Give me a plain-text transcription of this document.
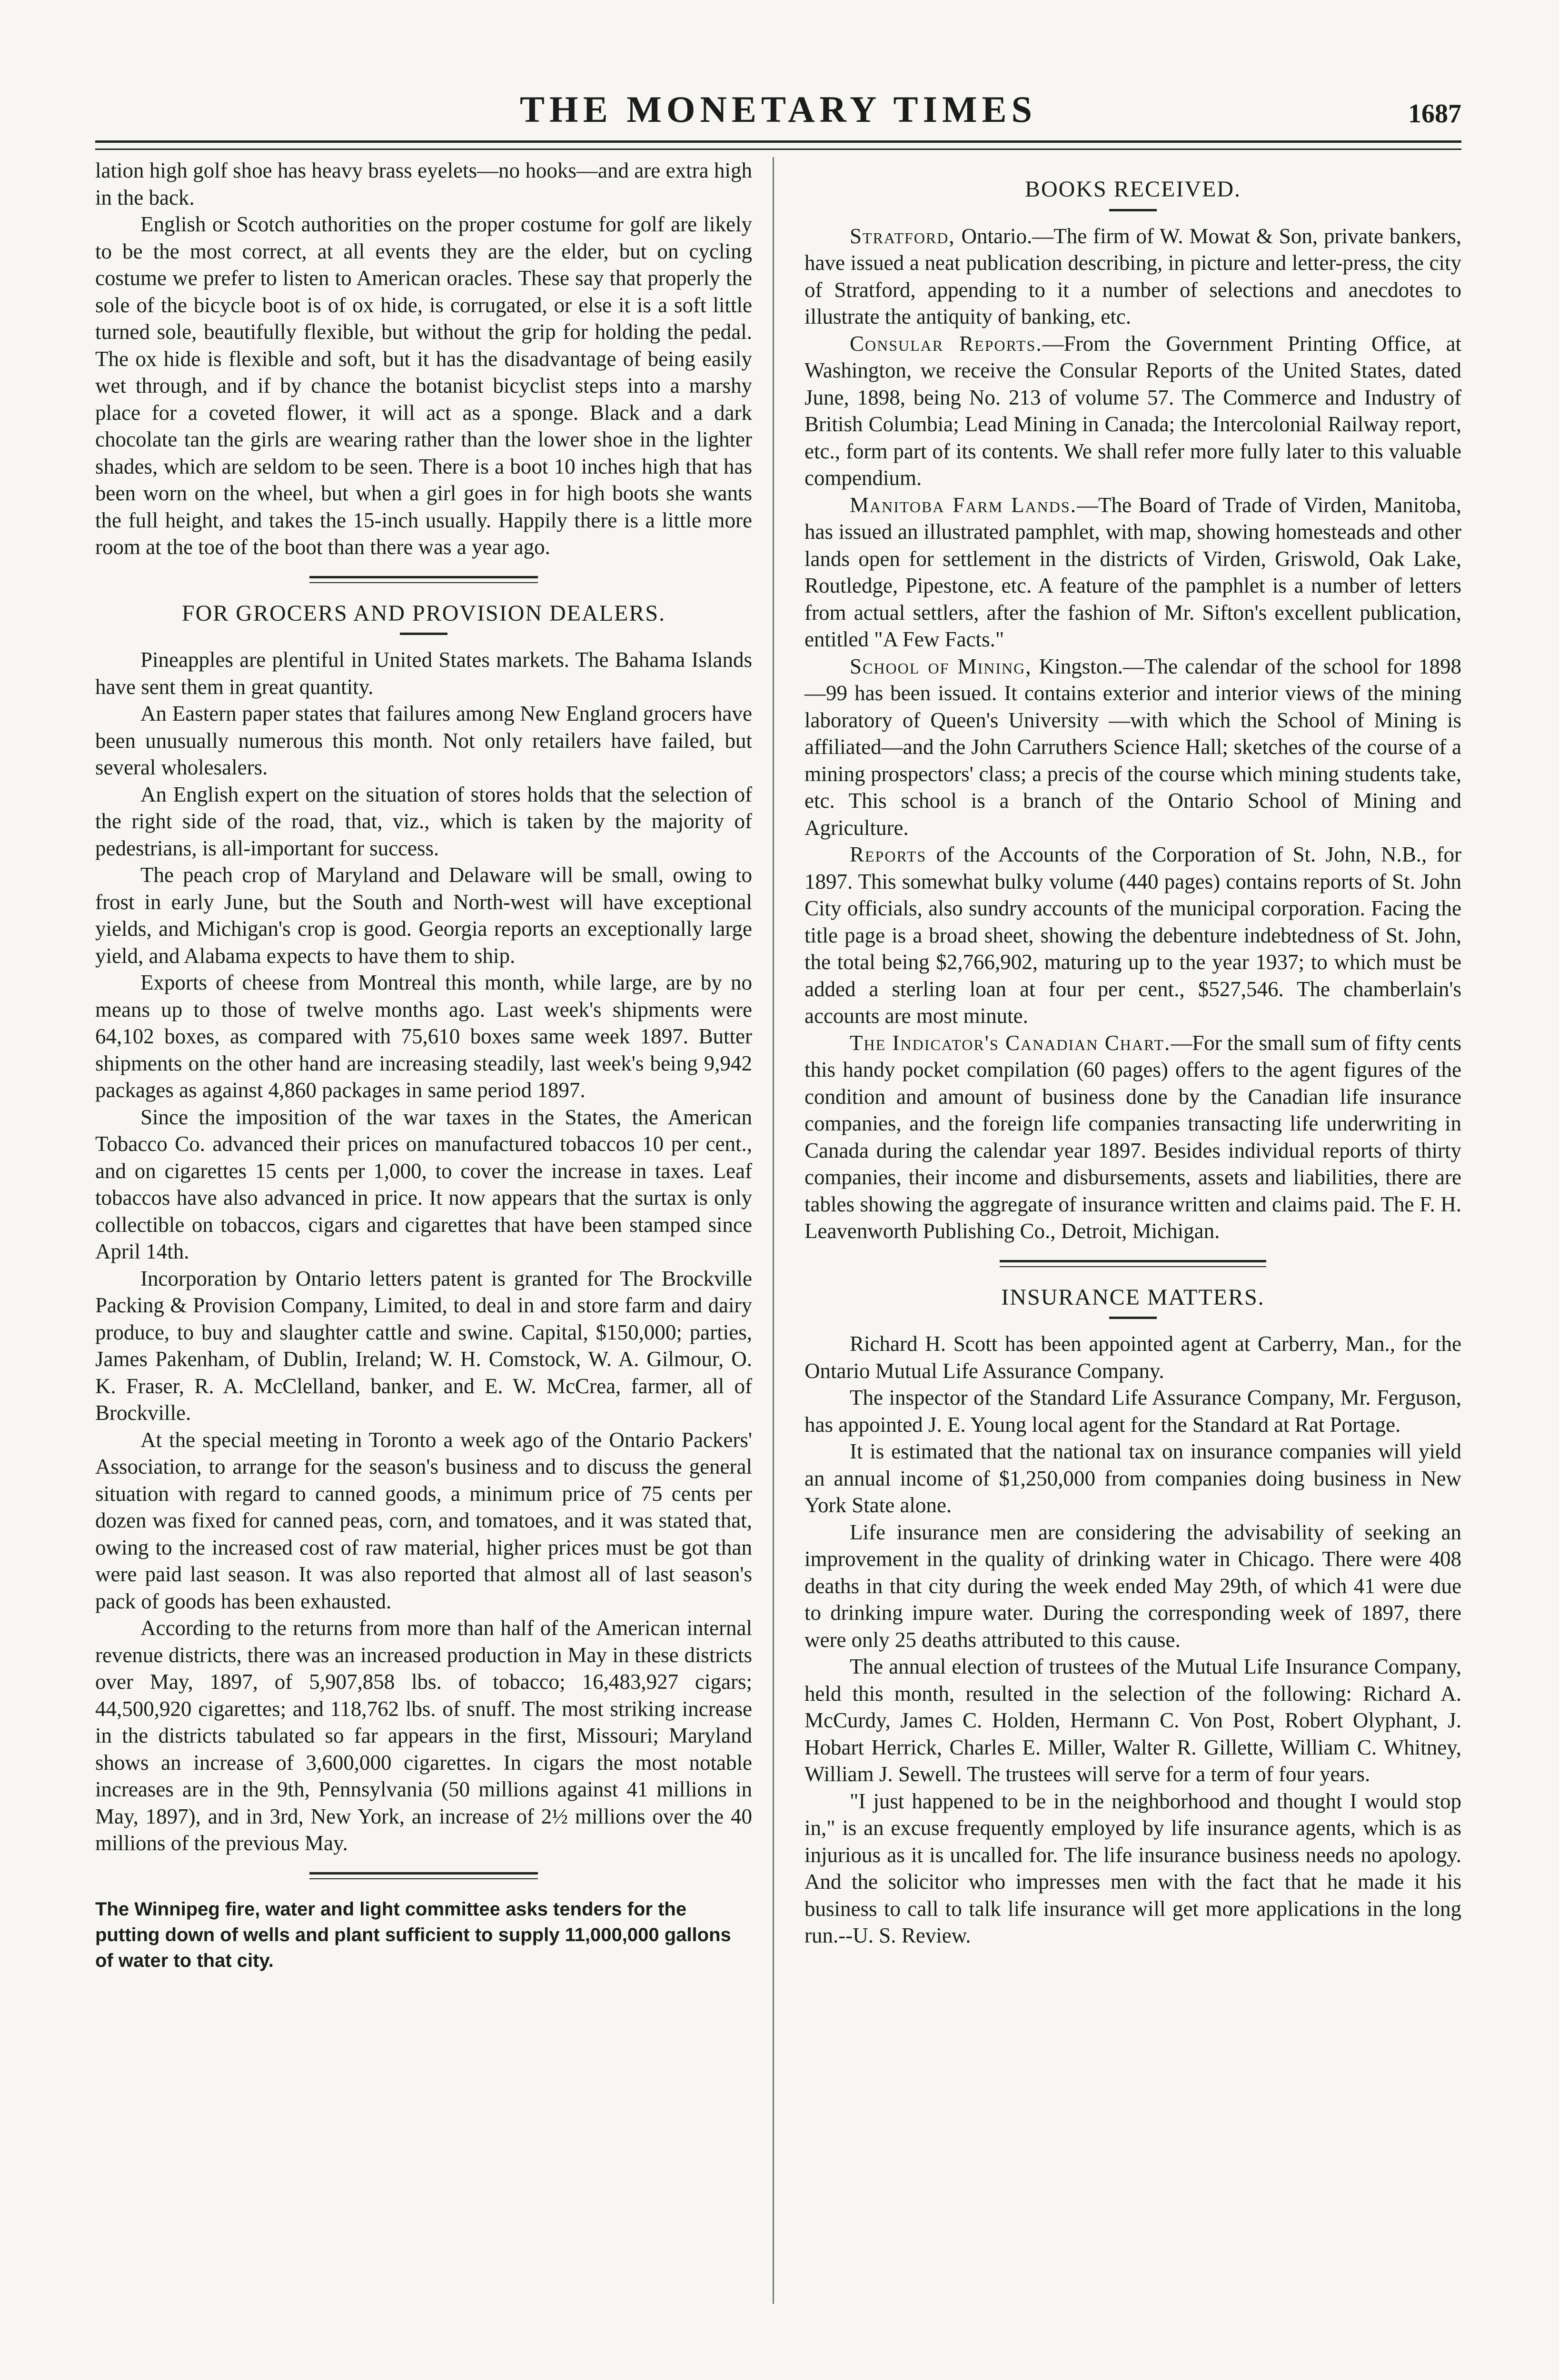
THE MONETARY TIMES	1687

lation high golf shoe has heavy brass eyelets—no hooks—and are extra high in the back.

English or Scotch authorities on the proper costume for golf are likely to be the most correct, at all events they are the elder, but on cycling costume we prefer to listen to American oracles. These say that properly the sole of the bicycle boot is of ox hide, is corrugated, or else it is a soft little turned sole, beautifully flexible, but without the grip for holding the pedal. The ox hide is flexible and soft, but it has the disadvantage of being easily wet through, and if by chance the botanist bicyclist steps into a marshy place for a coveted flower, it will act as a sponge. Black and a dark chocolate tan the girls are wearing rather than the lower shoe in the lighter shades, which are seldom to be seen. There is a boot 10 inches high that has been worn on the wheel, but when a girl goes in for high boots she wants the full height, and takes the 15-inch usually. Happily there is a little more room at the toe of the boot than there was a year ago.

FOR GROCERS AND PROVISION DEALERS.

Pineapples are plentiful in United States markets. The Bahama Islands have sent them in great quantity.

An Eastern paper states that failures among New England grocers have been unusually numerous this month. Not only retailers have failed, but several wholesalers.

An English expert on the situation of stores holds that the selection of the right side of the road, that, viz., which is taken by the majority of pedestrians, is all-important for success.

The peach crop of Maryland and Delaware will be small, owing to frost in early June, but the South and North-west will have exceptional yields, and Michigan's crop is good. Georgia reports an exceptionally large yield, and Alabama expects to have them to ship.

Exports of cheese from Montreal this month, while large, are by no means up to those of twelve months ago. Last week's shipments were 64,102 boxes, as compared with 75,610 boxes same week 1897. Butter shipments on the other hand are increasing steadily, last week's being 9,942 packages as against 4,860 packages in same period 1897.

Since the imposition of the war taxes in the States, the American Tobacco Co. advanced their prices on manufactured tobaccos 10 per cent., and on cigarettes 15 cents per 1,000, to cover the increase in taxes. Leaf tobaccos have also advanced in price. It now appears that the surtax is only collectible on tobaccos, cigars and cigarettes that have been stamped since April 14th.

Incorporation by Ontario letters patent is granted for The Brockville Packing & Provision Company, Limited, to deal in and store farm and dairy produce, to buy and slaughter cattle and swine. Capital, $150,000; parties, James Pakenham, of Dublin, Ireland; W. H. Comstock, W. A. Gilmour, O. K. Fraser, R. A. McClelland, banker, and E. W. McCrea, farmer, all of Brockville.

At the special meeting in Toronto a week ago of the Ontario Packers' Association, to arrange for the season's business and to discuss the general situation with regard to canned goods, a minimum price of 75 cents per dozen was fixed for canned peas, corn, and tomatoes, and it was stated that, owing to the increased cost of raw material, higher prices must be got than were paid last season. It was also reported that almost all of last season's pack of goods has been exhausted.

According to the returns from more than half of the American internal revenue districts, there was an increased production in May in these districts over May, 1897, of 5,907,858 lbs. of tobacco; 16,483,927 cigars; 44,500,920 cigarettes; and 118,762 lbs. of snuff. The most striking increase in the districts tabulated so far appears in the first, Missouri; Maryland shows an increase of 3,600,000 cigarettes. In cigars the most notable increases are in the 9th, Pennsylvania (50 millions against 41 millions in May, 1897), and in 3rd, New York, an increase of 2½ millions over the 40 millions of the previous May.

The Winnipeg fire, water and light committee asks tenders for the putting down of wells and plant sufficient to supply 11,000,000 gallons of water to that city.

BOOKS RECEIVED.

Stratford, Ontario.—The firm of W. Mowat & Son, private bankers, have issued a neat publication describing, in picture and letter-press, the city of Stratford, appending to it a number of selections and anecdotes to illustrate the antiquity of banking, etc.

Consular Reports.—From the Government Printing Office, at Washington, we receive the Consular Reports of the United States, dated June, 1898, being No. 213 of volume 57. The Commerce and Industry of British Columbia; Lead Mining in Canada; the Intercolonial Railway report, etc., form part of its contents. We shall refer more fully later to this valuable compendium.

Manitoba Farm Lands.—The Board of Trade of Virden, Manitoba, has issued an illustrated pamphlet, with map, showing homesteads and other lands open for settlement in the districts of Virden, Griswold, Oak Lake, Routledge, Pipestone, etc. A feature of the pamphlet is a number of letters from actual settlers, after the fashion of Mr. Sifton's excellent publication, entitled "A Few Facts."

School of Mining, Kingston.—The calendar of the school for 1898—99 has been issued. It contains exterior and interior views of the mining laboratory of Queen's University —with which the School of Mining is affiliated—and the John Carruthers Science Hall; sketches of the course of a mining prospectors' class; a precis of the course which mining students take, etc. This school is a branch of the Ontario School of Mining and Agriculture.

Reports of the Accounts of the Corporation of St. John, N.B., for 1897. This somewhat bulky volume (440 pages) contains reports of St. John City officials, also sundry accounts of the municipal corporation. Facing the title page is a broad sheet, showing the debenture indebtedness of St. John, the total being $2,766,902, maturing up to the year 1937; to which must be added a sterling loan at four per cent., $527,546. The chamberlain's accounts are most minute.

The Indicator's Canadian Chart.—For the small sum of fifty cents this handy pocket compilation (60 pages) offers to the agent figures of the condition and amount of business done by the Canadian life insurance companies, and the foreign life companies transacting life underwriting in Canada during the calendar year 1897. Besides individual reports of thirty companies, their income and disbursements, assets and liabilities, there are tables showing the aggregate of insurance written and claims paid. The F. H. Leavenworth Publishing Co., Detroit, Michigan.

INSURANCE MATTERS.

Richard H. Scott has been appointed agent at Carberry, Man., for the Ontario Mutual Life Assurance Company.

The inspector of the Standard Life Assurance Company, Mr. Ferguson, has appointed J. E. Young local agent for the Standard at Rat Portage.

It is estimated that the national tax on insurance companies will yield an annual income of $1,250,000 from companies doing business in New York State alone.

Life insurance men are considering the advisability of seeking an improvement in the quality of drinking water in Chicago. There were 408 deaths in that city during the week ended May 29th, of which 41 were due to drinking impure water. During the corresponding week of 1897, there were only 25 deaths attributed to this cause.

The annual election of trustees of the Mutual Life Insurance Company, held this month, resulted in the selection of the following: Richard A. McCurdy, James C. Holden, Hermann C. Von Post, Robert Olyphant, J. Hobart Herrick, Charles E. Miller, Walter R. Gillette, William C. Whitney, William J. Sewell. The trustees will serve for a term of four years.

"I just happened to be in the neighborhood and thought I would stop in," is an excuse frequently employed by life insurance agents, which is as injurious as it is uncalled for. The life insurance business needs no apology. And the solicitor who impresses men with the fact that he made it his business to call to talk life insurance will get more applications in the long run.--U. S. Review.
